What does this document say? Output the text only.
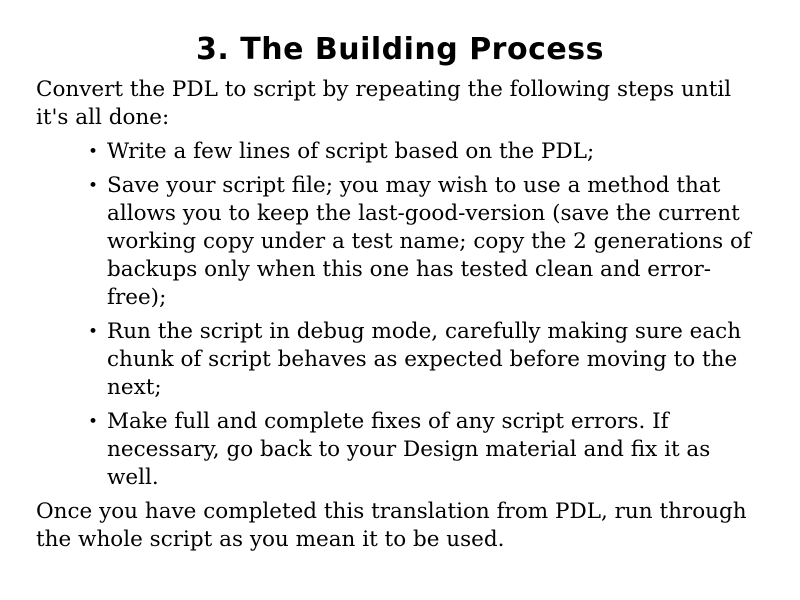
3. The Building Process

Convert the PDL to script by repeating the following steps until it's all done:

• Write a few lines of script based on the PDL;
• Save your script file; you may wish to use a method that allows you to keep the last-good-version (save the current working copy under a test name; copy the 2 generations of backups only when this one has tested clean and error-free);
• Run the script in debug mode, carefully making sure each chunk of script behaves as expected before moving to the next;
• Make full and complete fixes of any script errors. If necessary, go back to your Design material and fix it as well.

Once you have completed this translation from PDL, run through the whole script as you mean it to be used.
